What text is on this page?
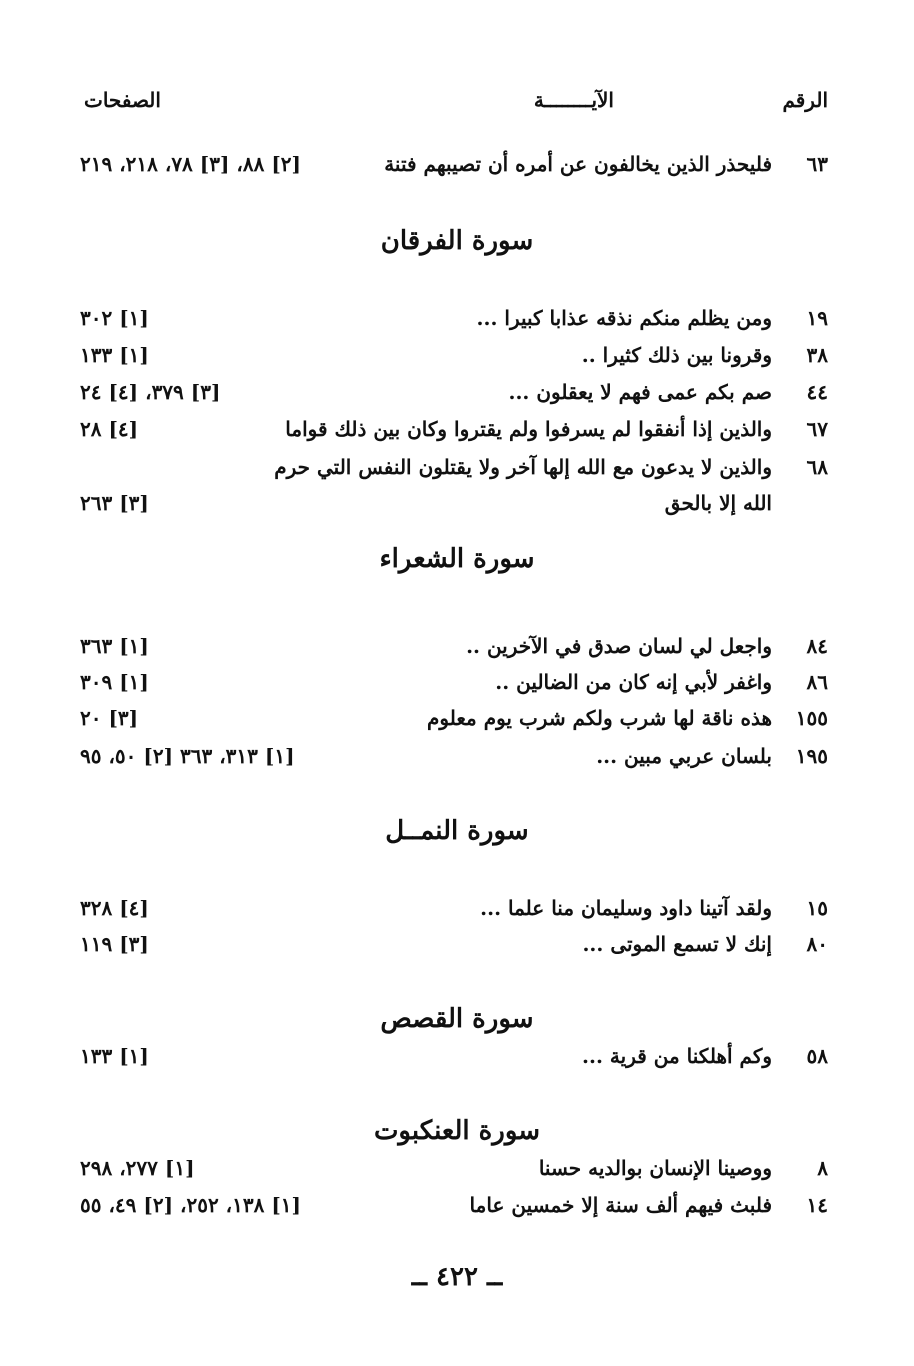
الرقم
الآيــــــــة
الصفحات
٦٣
فليحذر الذين يخالفون عن أمره أن تصيبهم فتنة
[٢] ٨٨، [٣] ٧٨، ٢١٨، ٢١٩
سورة الفرقان
١٩
ومن يظلم منكم نذقه عذابا كبيرا ...
[١] ٣٠٢
٣٨
وقرونا بين ذلك كثيرا ..
[١] ١٣٣
٤٤
صم بكم عمى فهم لا يعقلون ...
[٣] ٣٧٩، [٤] ٢٤
٦٧
والذين إذا أنفقوا لم يسرفوا ولم يقتروا وكان بين ذلك قواما
[٤] ٢٨
٦٨
والذين لا يدعون مع الله إلها آخر ولا يقتلون النفس التي حرم
الله إلا بالحق
[٣] ٢٦٣
سورة الشعراء
٨٤
واجعل لي لسان صدق في الآخرين ..
[١] ٣٦٣
٨٦
واغفر لأبي إنه كان من الضالين ..
[١] ٣٠٩
١٥٥
هذه ناقة لها شرب ولكم شرب يوم معلوم
[٣] ٢٠
١٩٥
بلسان عربي مبين ...
[١] ٣١٣، ٣٦٣ [٢] ٥٠، ٩٥
سورة النمــل
١٥
ولقد آتينا داود وسليمان منا علما ...
[٤] ٣٢٨
٨٠
إنك لا تسمع الموتى ...
[٣] ١١٩
سورة القصص
٥٨
وكم أهلكنا من قرية ...
[١] ١٣٣
سورة العنكبوت
٨
ووصينا الإنسان بوالديه حسنا
[١] ٢٧٧، ٢٩٨
١٤
فلبث فيهم ألف سنة إلا خمسين عاما
[١] ١٣٨، ٢٥٢، [٢] ٤٩، ٥٥
ــ ٤٢٢ ــ
